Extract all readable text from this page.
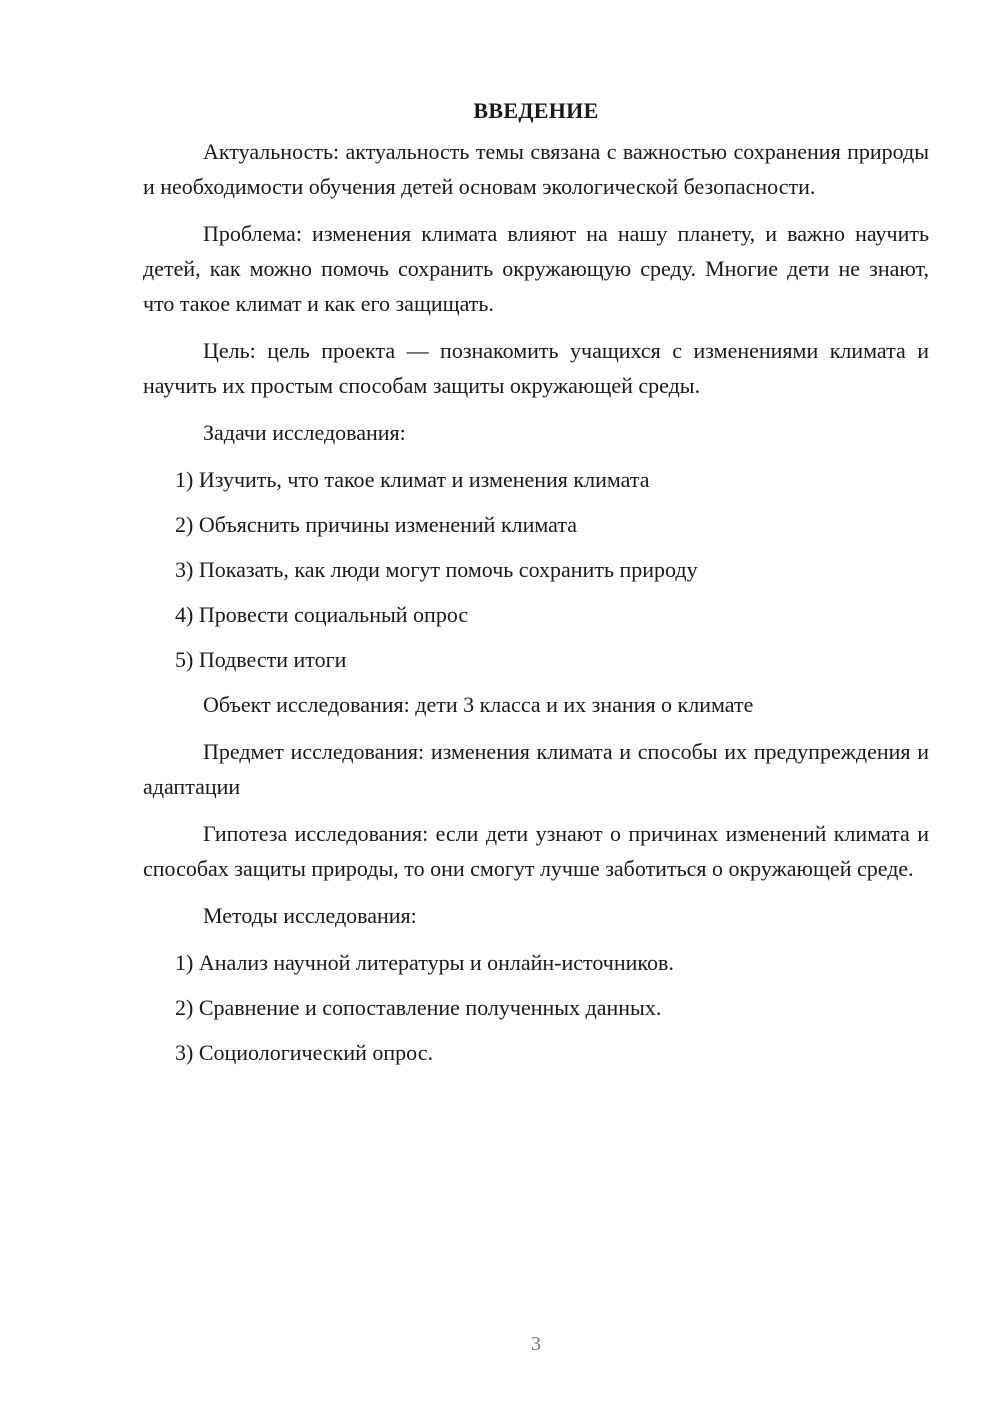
ВВЕДЕНИЕ

Актуальность: актуальность темы связана с важностью сохранения природы и необходимости обучения детей основам экологической безопасности.

Проблема: изменения климата влияют на нашу планету, и важно научить детей, как можно помочь сохранить окружающую среду. Многие дети не знают, что такое климат и как его защищать.

Цель: цель проекта — познакомить учащихся с изменениями климата и научить их простым способам защиты окружающей среды.

Задачи исследования:

1) Изучить, что такое климат и изменения климата
2) Объяснить причины изменений климата
3) Показать, как люди могут помочь сохранить природу
4) Провести социальный опрос
5) Подвести итоги

Объект исследования: дети 3 класса и их знания о климате

Предмет исследования: изменения климата и способы их предупреждения и адаптации

Гипотеза исследования: если дети узнают о причинах изменений климата и способах защиты природы, то они смогут лучше заботиться о окружающей среде.

Методы исследования:

1) Анализ научной литературы и онлайн-источников.
2) Сравнение и сопоставление полученных данных.
3) Социологический опрос.
3
